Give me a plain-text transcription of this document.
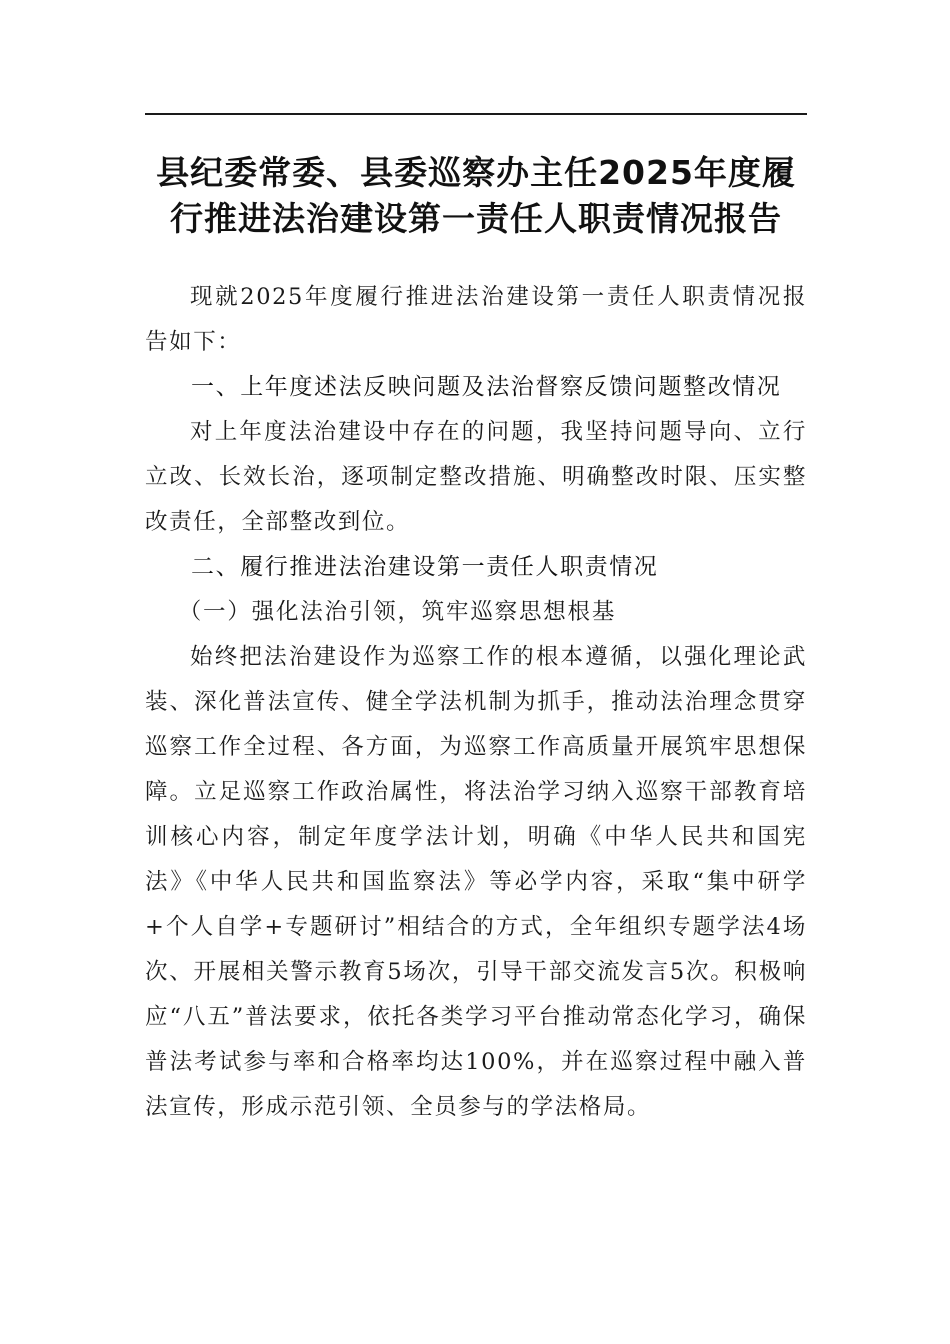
县纪委常委、县委巡察办主任2025年度履行推进法治建设第一责任人职责情况报告

现就2025年度履行推进法治建设第一责任人职责情况报告如下：

一、上年度述法反映问题及法治督察反馈问题整改情况

对上年度法治建设中存在的问题，我坚持问题导向、立行立改、长效长治，逐项制定整改措施、明确整改时限、压实整改责任，全部整改到位。

二、履行推进法治建设第一责任人职责情况
（一）强化法治引领，筑牢巡察思想根基

始终把法治建设作为巡察工作的根本遵循，以强化理论武装、深化普法宣传、健全学法机制为抓手，推动法治理念贯穿巡察工作全过程、各方面，为巡察工作高质量开展筑牢思想保障。立足巡察工作政治属性，将法治学习纳入巡察干部教育培训核心内容，制定年度学法计划，明确《中华人民共和国宪法》《中华人民共和国监察法》等必学内容，采取“集中研学+个人自学+专题研讨”相结合的方式，全年组织专题学法4场次、开展相关警示教育5场次，引导干部交流发言5次。积极响应“八五”普法要求，依托各类学习平台推动常态化学习，确保普法考试参与率和合格率均达100%，并在巡察过程中融入普法宣传，形成示范引领、全员参与的学法格局。
